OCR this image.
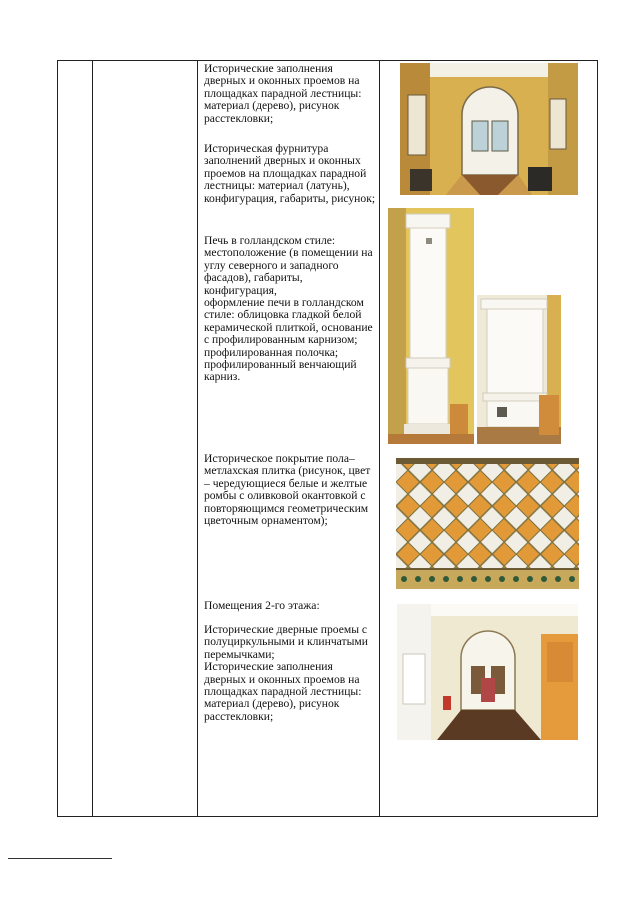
Исторические заполнения дверных и оконных проемов на площадках парадной лестницы: материал (дерево), рисунок расстекловки;
Историческая фурнитура заполнений дверных и оконных проемов на площадках парадной лестницы: материал (латунь), конфигурация, габариты, рисунок;
Печь в голландском стиле: местоположение (в помещении на углу северного и западного фасадов), габариты, конфигурация,
оформление печи в голландском стиле: облицовка гладкой белой керамической плиткой, основание с профилированным карнизом;
профилированная полочка;
профилированный венчающий карниз.
Историческое покрытие пола– метлахская плитка (рисунок, цвет – чередующиеся белые и желтые ромбы с оливковой окантовкой с повторяющимся геометрическим цветочным орнаментом);
Помещения 2-го этажа:
Исторические дверные проемы с полуциркульными и клинчатыми перемычками;
Исторические заполнения дверных и оконных проемов на площадках парадной лестницы: материал (дерево), рисунок расстекловки;
